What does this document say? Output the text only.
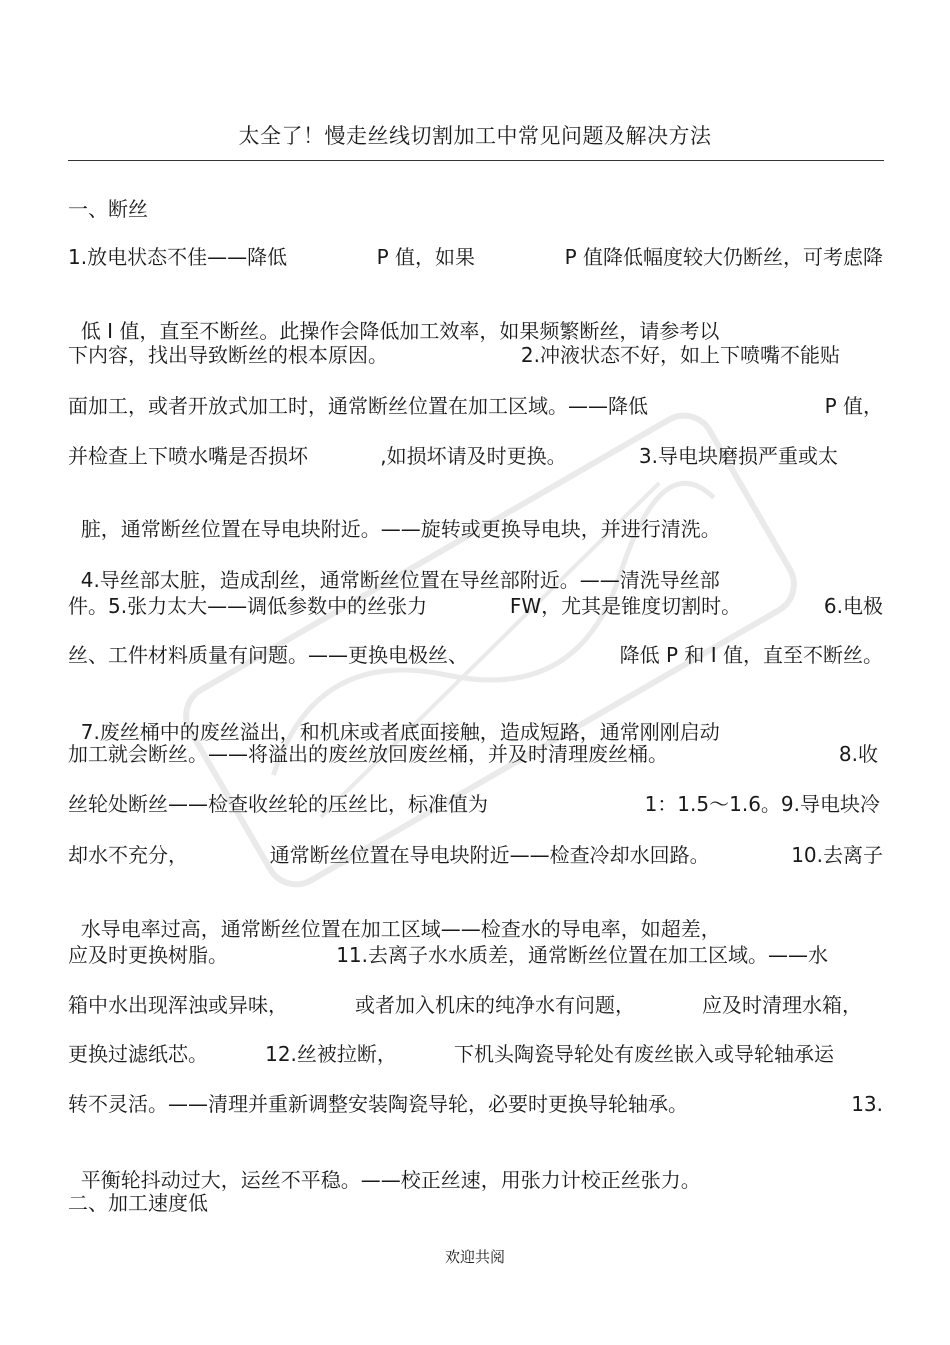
太全了！慢走丝线切割加工中常见问题及解决方法
一、断丝
1.放电状态不佳——降低	P 值，如果	P 值降低幅度较大仍断丝，可考虑降

低 I 值，直至不断丝。此操作会降低加工效率，如果频繁断丝，请参考以

下内容，找出导致断丝的根本原因。	2.冲液状态不好，如上下喷嘴不能贴
面加工，或者开放式加工时，通常断丝位置在加工区域。——降低	P 值，
并检查上下喷水嘴是否损坏	,如损坏请及时更换。	3.导电块磨损严重或太

脏，通常断丝位置在导电块附近。——旋转或更换导电块，并进行清洗。

4.导丝部太脏，造成刮丝，通常断丝位置在导丝部附近。——清洗导丝部

件。5.张力太大——调低参数中的丝张力	FW，尤其是锥度切割时。	6.电极
丝、工件材料质量有问题。——更换电极丝、	降低 P 和 I 值，直至不断丝。

7.废丝桶中的废丝溢出，和机床或者底面接触，造成短路，通常刚刚启动

加工就会断丝。——将溢出的废丝放回废丝桶，并及时清理废丝桶。	8.收
丝轮处断丝——检查收丝轮的压丝比，标准值为	1：1.5～1.6。9.导电块冷
却水不充分，	通常断丝位置在导电块附近——检查冷却水回路。	10.去离子

水导电率过高，通常断丝位置在加工区域——检查水的导电率，如超差，

应及时更换树脂。	11.去离子水水质差，通常断丝位置在加工区域。——水
箱中水出现浑浊或异味，	或者加入机床的纯净水有问题，	应及时清理水箱，
更换过滤纸芯。	12.丝被拉断，	下机头陶瓷导轮处有废丝嵌入或导轮轴承运
转不灵活。——清理并重新调整安装陶瓷导轮，必要时更换导轮轴承。	13.

平衡轮抖动过大，运丝不平稳。——校正丝速，用张力计校正丝张力。

二、加工速度低
欢迎共阅
